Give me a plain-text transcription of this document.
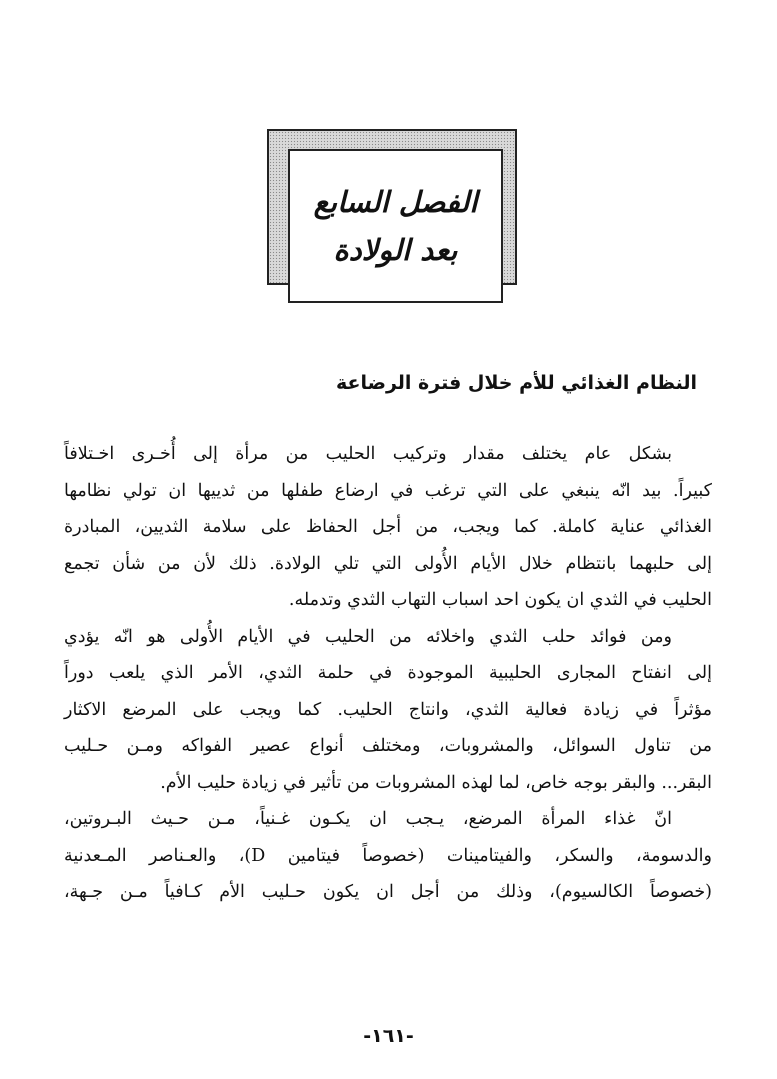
الفصل السابع
بعد الولادة
النظام الغذائي للأم خلال فترة الرضاعة
بشكل عام يختلف مقدار وتركيب الحليب من مرأة إلى أُخـرى اخـتلافاً
كبيراً. بيد انّه ينبغي على التي ترغب في ارضاع طفلها من ثدييها ان تولي نظامها
الغذائي عناية كاملة. كما ويجب، من أجل الحفاظ على سلامة الثديين، المبادرة
إلى حلبهما بانتظام خلال الأيام الأُولى التي تلي الولادة. ذلك لأن من شأن تجمع
الحليب في الثدي ان يكون احد اسباب التهاب الثدي وتدمله.
ومن فوائد حلب الثدي واخلائه من الحليب في الأيام الأُولى هو انّه يؤدي
إلى انفتاح المجارى الحليبية الموجودة في حلمة الثدي، الأمر الذي يلعب دوراً
مؤثراً في زيادة فعالية الثدي، وانتاج الحليب. كما ويجب على المرضع الاكثار
من تناول السوائل، والمشروبات، ومختلف أنواع عصير الفواكه ومـن حـليب
البقر... والبقر بوجه خاص، لما لهذه المشروبات من تأثير في زيادة حليب الأم.
انّ غذاء المرأة المرضع، يـجب ان يكـون غـنياً، مـن حـيث البـروتين،
والدسومة، والسكر، والفيتامينات (خصوصاً فيتامين D)، والعـناصر المـعدنية
(خصوصاً الكالسيوم)، وذلك من أجل ان يكون حـليب الأم كـافياً مـن جـهة،
-١٦١-
